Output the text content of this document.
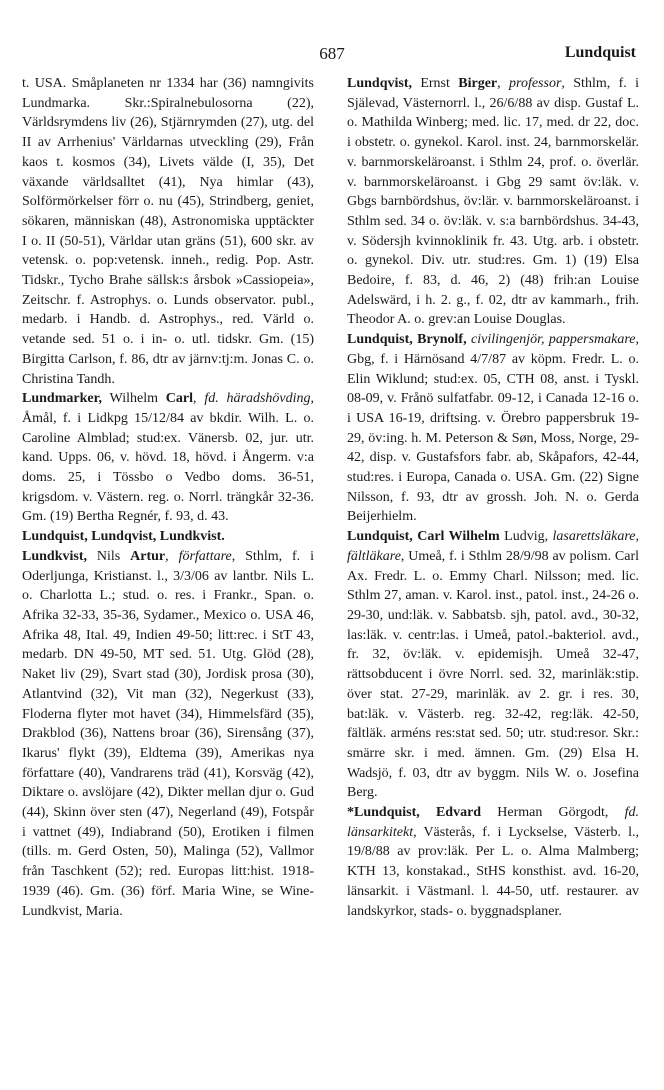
687	Lundquist

t. USA. Småplaneten nr 1334 har (36) namngivits Lundmarka. Skr.:Spiralnebulosorna (22), Världsrymdens liv (26), Stjärnrymden (27), utg. del II av Arrhenius' Världarnas utveckling (29), Från kaos t. kosmos (34), Livets välde (I, 35), Det växande världsalltet (41), Nya himlar (43), Solförmörkelser förr o. nu (45), Strindberg, geniet, sökaren, människan (48), Astronomiska upptäckter I o. II (50-51), Världar utan gräns (51), 600 skr. av vetensk. o. pop:vetensk. inneh., redig. Pop. Astr. Tidskr., Tycho Brahe sällsk:s årsbok »Cassiopeia», Zeitschr. f. Astrophys. o. Lunds observator. publ., medarb. i Handb. d. Astrophys., red. Värld o. vetande sed. 51 o. i in- o. utl. tidskr. Gm. (15) Birgitta Carlson, f. 86, dtr av järnv:tj:m. Jonas C. o. Christina Tandh.

Lundmarker, Wilhelm Carl, fd. häradshövding, Åmål, f. i Lidkpg 15/12/84 av bkdir. Wilh. L. o. Caroline Almblad; stud:ex. Vänersb. 02, jur. utr. kand. Upps. 06, v. hövd. 18, hövd. i Ångerm. v:a doms. 25, i Tössbo o Vedbo doms. 36-51, krigsdom. v. Västern. reg. o. Norrl. trängkår 32-36. Gm. (19) Bertha Regnér, f. 93, d. 43.

Lundquist, Lundqvist, Lundkvist.

Lundkvist, Nils Artur, författare, Sthlm, f. i Oderljunga, Kristianst. l., 3/3/06 av lantbr. Nils L. o. Charlotta L.; stud. o. res. i Frankr., Span. o. Afrika 32-33, 35-36, Sydamer., Mexico o. USA 46, Afrika 48, Ital. 49, Indien 49-50; litt:rec. i StT 43, medarb. DN 49-50, MT sed. 51. Utg. Glöd (28), Naket liv (29), Svart stad (30), Jordisk prosa (30), Atlantvind (32), Vit man (32), Negerkust (33), Floderna flyter mot havet (34), Himmelsfärd (35), Drakblod (36), Nattens broar (36), Sirensång (37), Ikarus' flykt (39), Eldtema (39), Amerikas nya författare (40), Vandrarens träd (41), Korsväg (42), Diktare o. avslöjare (42), Dikter mellan djur o. Gud (44), Skinn över sten (47), Negerland (49), Fotspår i vattnet (49), Indiabrand (50), Erotiken i filmen (tills. m. Gerd Osten, 50), Malinga (52), Vallmor från Taschkent (52); red. Europas litt:hist. 1918-1939 (46). Gm. (36) förf. Maria Wine, se Wine-Lundkvist, Maria.

Lundqvist, Ernst Birger, professor, Sthlm, f. i Själevad, Västernorrl. l., 26/6/88 av disp. Gustaf L. o. Mathilda Winberg; med. lic. 17, med. dr 22, doc. i obstetr. o. gynekol. Karol. inst. 24, barnmorskelär. v. barnmorskeläroanst. i Sthlm 24, prof. o. överlär. v. barnmorskeläroanst. i Gbg 29 samt öv:läk. v. Gbgs barnbördshus, öv:lär. v. barnmorskeläroanst. i Sthlm sed. 34 o. öv:läk. v. s:a barnbördshus. 34-43, v. Södersjh kvinnoklinik fr. 43. Utg. arb. i obstetr. o. gynekol. Div. utr. stud:res. Gm. 1) (19) Elsa Bedoire, f. 83, d. 46, 2) (48) frih:an Louise Adelswärd, i h. 2. g., f. 02, dtr av kammarh., frih. Theodor A. o. grev:an Louise Douglas.

Lundquist, Brynolf, civilingenjör, pappersmakare, Gbg, f. i Härnösand 4/7/87 av köpm. Fredr. L. o. Elin Wiklund; stud:ex. 05, CTH 08, anst. i Tyskl. 08-09, v. Frånö sulfatfabr. 09-12, i Canada 12-16 o. i USA 16-19, driftsing. v. Örebro pappersbruk 19-29, öv:ing. h. M. Peterson & Søn, Moss, Norge, 29-42, disp. v. Gustafsfors fabr. ab, Skåpafors, 42-44, stud:res. i Europa, Canada o. USA. Gm. (22) Signe Nilsson, f. 93, dtr av grossh. Joh. N. o. Gerda Beijerhielm.

Lundquist, Carl Wilhelm Ludvig, lasarettsläkare, fältläkare, Umeå, f. i Sthlm 28/9/98 av polism. Carl Ax. Fredr. L. o. Emmy Charl. Nilsson; med. lic. Sthlm 27, aman. v. Karol. inst., patol. inst., 24-26 o. 29-30, und:läk. v. Sabbatsb. sjh, patol. avd., 30-32, las:läk. v. centr:las. i Umeå, patol.-bakteriol. avd., fr. 32, öv:läk. v. epidemisjh. Umeå 32-47, rättsobducent i övre Norrl. sed. 32, marinläk:stip. över stat. 27-29, marinläk. av 2. gr. i res. 30, bat:läk. v. Västerb. reg. 32-42, reg:läk. 42-50, fältläk. arméns res:stat sed. 50; utr. stud:resor. Skr.: smärre skr. i med. ämnen. Gm. (29) Elsa H. Wadsjö, f. 03, dtr av byggm. Nils W. o. Josefina Berg.

*Lundquist, Edvard Herman Görgodt, fd. länsarkitekt, Västerås, f. i Lyckselse, Västerb. l., 19/8/88 av prov:läk. Per L. o. Alma Malmberg; KTH 13, konstakad., StHS konsthist. avd. 16-20, länsarkit. i Västmanl. l. 44-50, utf. restaurer. av landskyrkor, stads- o. byggnadsplaner.
